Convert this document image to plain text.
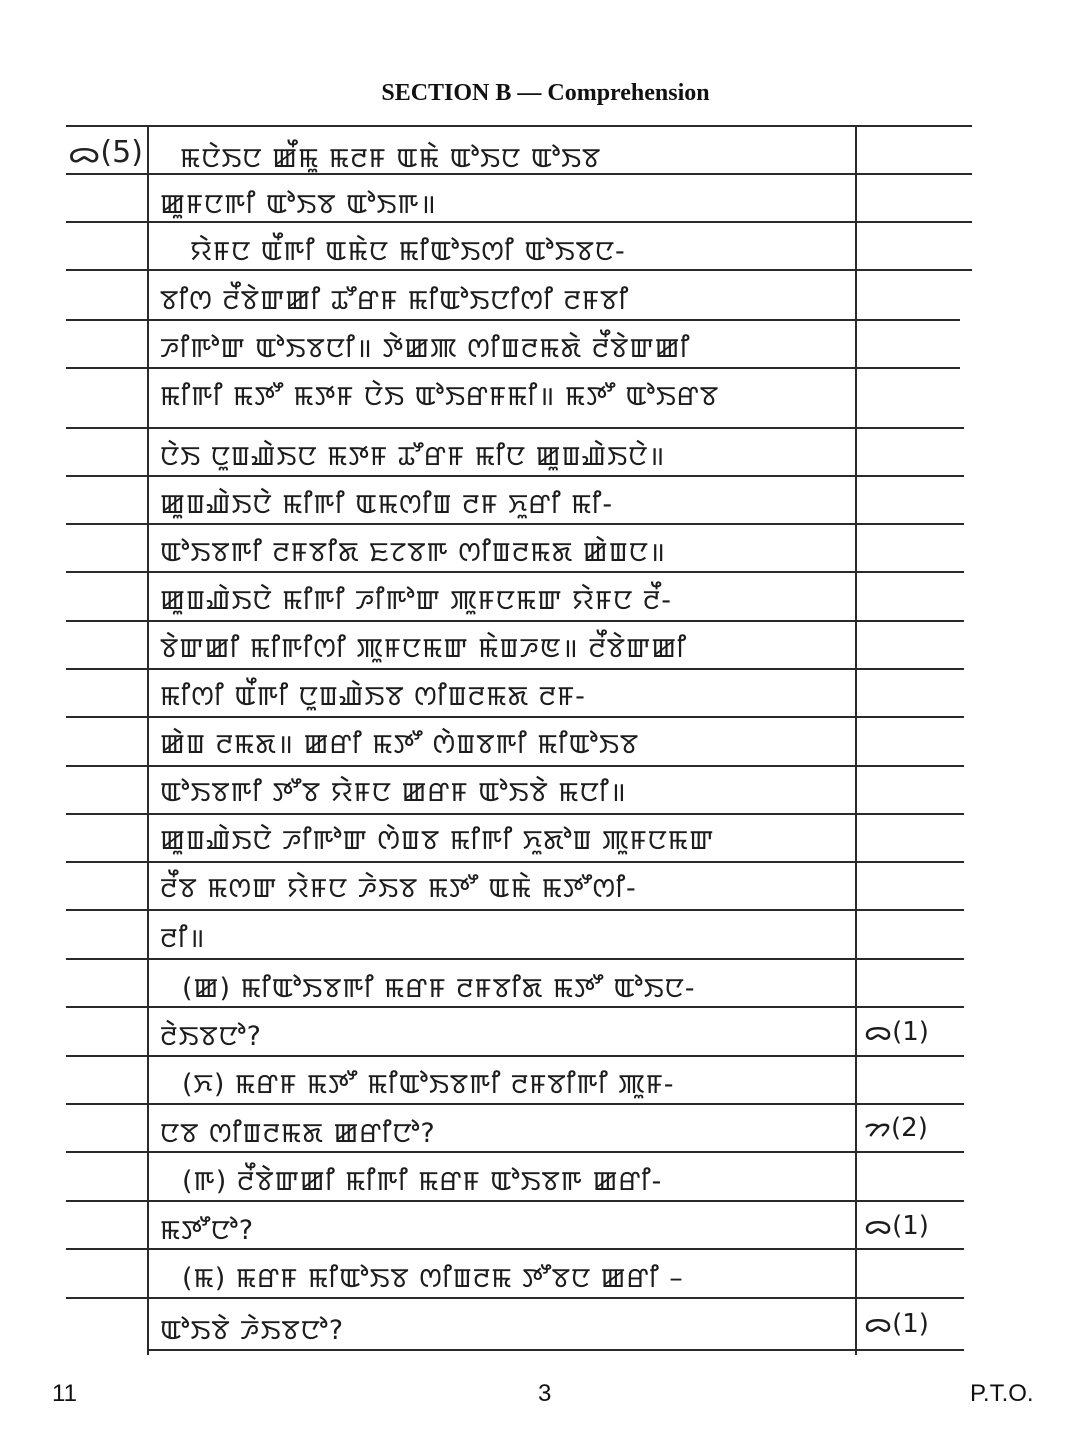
SECTION B — Comprehension
ᯅ(5) ꯃꯅꯥꯏꯅ ꯀꯩꯃꯨ ꯃꯂꯝ ꯑꯃꯥ ꯑꯣꯏꯅ ꯑꯣꯏꯕ
ꯀꯨꯝꯅꯒꯤ ꯑꯣꯏꯕ ꯑꯣꯏꯒ॥
ꯌꯥꯝꯅ ꯑꯩꯒꯤ ꯑꯃꯥꯅ ꯃꯤꯑꯣꯏꯁꯤ ꯑꯣꯏꯕꯅ-
ꯕꯤꯁ ꯂꯩꯕꯥꯛꯀꯤ ꯊꯧꯔꯝ ꯃꯤꯑꯣꯏꯅꯤꯁꯤ ꯂꯝꯕꯤ
ꯍꯤꯒꯣꯛ ꯑꯣꯏꯕꯅꯤ॥ ꯇꯥꯀꯄ ꯁꯤꯡꯂꯃꯗꯥ ꯂꯩꯕꯥꯛꯀꯤ
ꯃꯤꯒꯤ ꯃꯇꯧ ꯃꯇꯝ ꯅꯥꯏ ꯑꯣꯏꯔꯝꯃꯤ॥ ꯃꯇꯧ ꯑꯣꯏꯔꯕ
ꯅꯥꯏ ꯅꯨꯡꯉꯥꯏꯅ ꯃꯇꯝ ꯊꯧꯔꯝ ꯃꯤꯅ ꯀꯨꯡꯉꯥꯏꯅꯥ॥
ꯀꯨꯡꯉꯥꯏꯅꯥ ꯃꯤꯒꯤ ꯑꯃꯁꯤꯡ ꯂꯝ ꯈꯨꯔꯤ ꯃꯤ-
ꯑꯣꯏꯕꯒꯤ ꯂꯝꯕꯤꯗ ꯐꯖꯕꯒ ꯁꯤꯡꯂꯃꯗ ꯀꯥꯡꯅ॥
ꯀꯨꯡꯉꯥꯏꯅꯥ ꯃꯤꯒꯤ ꯍꯤꯒꯣꯛ ꯄꯨꯝꯅꯃꯛ ꯌꯥꯝꯅ ꯂꯩ-
ꯕꯥꯛꯀꯤ ꯃꯤꯒꯤꯁꯤ ꯄꯨꯝꯅꯃꯛ ꯃꯥꯡꯍꯟ॥ ꯂꯩꯕꯥꯛꯀꯤ
ꯃꯤꯁꯤ ꯑꯩꯒꯤ ꯅꯨꯡꯉꯥꯏꯕ ꯁꯤꯡꯂꯃꯗ ꯂꯝ-
ꯀꯥꯡ ꯂꯃꯗ॥ ꯀꯔꯤ ꯃꯇꯧ ꯁꯥꯡꯕꯒꯤ ꯃꯤꯑꯣꯏꯕ
ꯑꯣꯏꯕꯒꯤ ꯇꯧꯕ ꯌꯥꯝꯅ ꯀꯔꯝ ꯑꯣꯏꯕꯥ ꯃꯅꯤ॥
ꯀꯨꯡꯉꯥꯏꯅꯥ ꯍꯤꯒꯣꯛ ꯁꯥꯡꯕ ꯃꯤꯒꯤ ꯈꯨꯗꯣꯡ ꯄꯨꯝꯅꯃꯛ
ꯂꯩꯕ ꯃꯁꯛ ꯌꯥꯝꯅ ꯍꯥꯏꯕ ꯃꯇꯧ ꯑꯃꯥ ꯃꯇꯧꯁꯤ-
ꯂꯤ॥
(ꯀ) ꯃꯤꯑꯣꯏꯕꯒꯤ ꯃꯔꯝ ꯂꯝꯕꯤꯗ ꯃꯇꯧ ꯑꯣꯏꯅ-
ꯂꯥꯏꯕꯅꯣ?	ᯅ(1)
(ꯈ) ꯃꯔꯝ ꯃꯇꯧ ꯃꯤꯑꯣꯏꯕꯒꯤ ꯂꯝꯕꯤꯒꯤ ꯄꯨꯝ-
ꯅꯕ ꯁꯤꯡꯂꯃꯗ ꯀꯔꯤꯅꯣ?	ᯂ(2)
(ꯒ) ꯂꯩꯕꯥꯛꯀꯤ ꯃꯤꯒꯤ ꯃꯔꯝ ꯑꯣꯏꯕꯒ ꯀꯔꯤ-
ꯃꯇꯧꯅꯣ?	ᯅ(1)
(ꯃ) ꯃꯔꯝ ꯃꯤꯑꯣꯏꯕ ꯁꯤꯡꯂꯃ ꯇꯧꯕꯅ ꯀꯔꯤ –
ꯑꯣꯏꯕꯥ ꯍꯥꯏꯕꯅꯣ?	ᯅ(1)
11	3	P.T.O.
